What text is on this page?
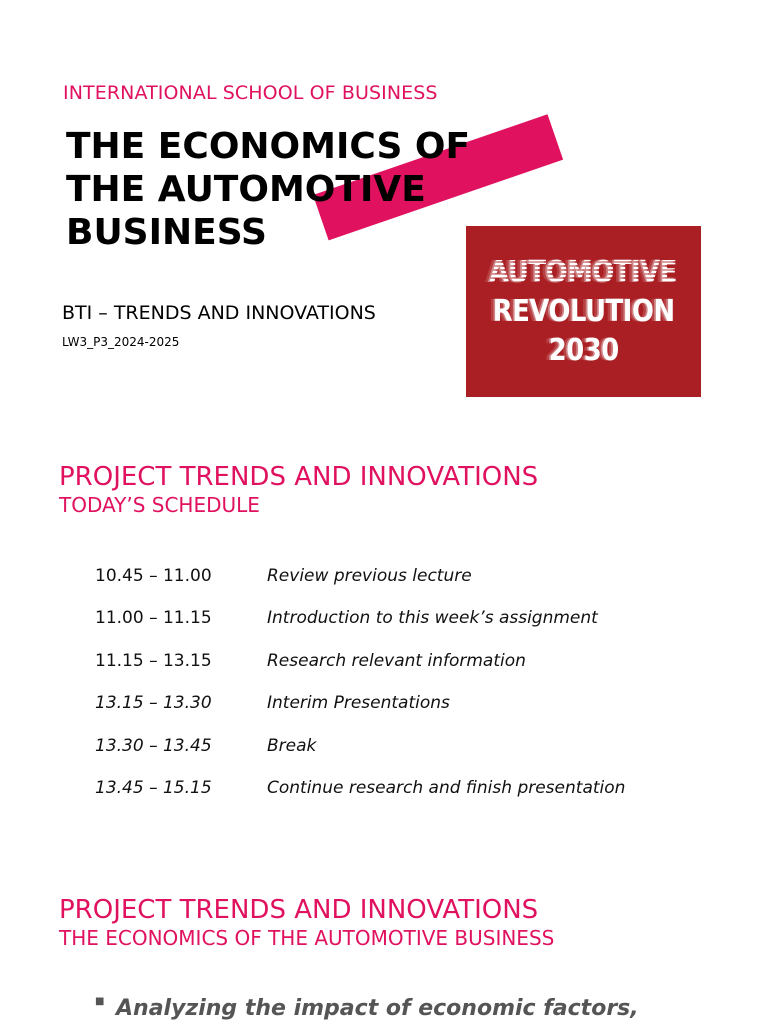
INTERNATIONAL SCHOOL OF BUSINESS
THE ECONOMICS OF
THE AUTOMOTIVE
BUSINESS
BTI – TRENDS AND INNOVATIONS
LW3_P3_2024-2025
AUTOMOTIVE
REVOLUTION
2030
PROJECT TRENDS AND INNOVATIONS
TODAY’S SCHEDULE
10.45 – 11.00	Review previous lecture
11.00 – 11.15	Introduction to this week’s assignment
11.15 – 13.15	Research relevant information
13.15 – 13.30	Interim Presentations
13.30 – 13.45	Break
13.45 – 15.15	Continue research and finish presentation
PROJECT TRENDS AND INNOVATIONS
THE ECONOMICS OF THE AUTOMOTIVE BUSINESS
■ Analyzing the impact of economic factors,
